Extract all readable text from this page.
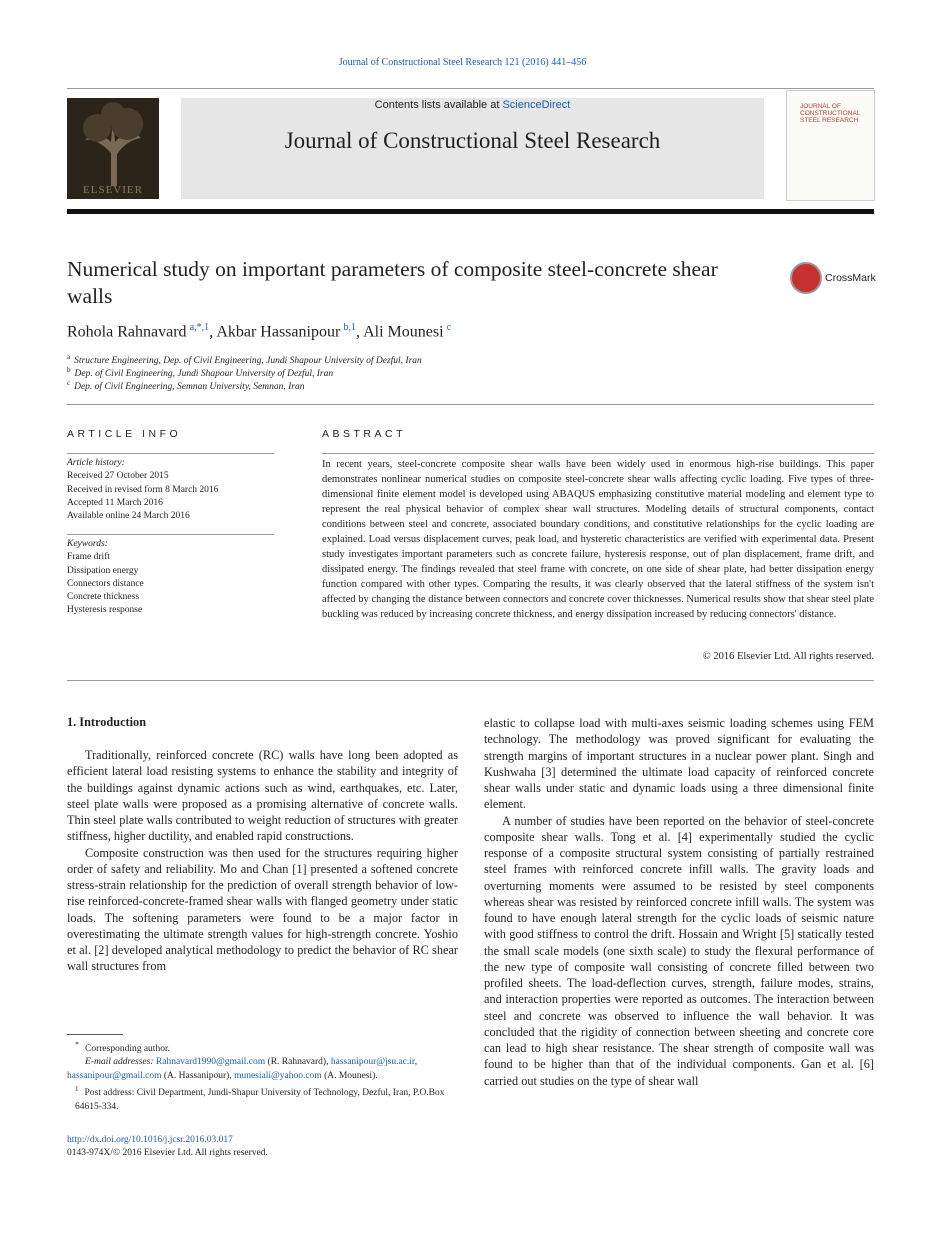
Journal of Constructional Steel Research 121 (2016) 441–456
ELSEVIER
Contents lists available at ScienceDirect
Journal of Constructional Steel Research
JOURNAL OF CONSTRUCTIONAL STEEL RESEARCH
Numerical study on important parameters of composite steel-concrete shear walls
CrossMark
Rohola Rahnavard  $^{a,*,1}$, Akbar Hassanipour  $^{b,1}$, Ali Mounesi  $^c$
$^a$ Structure Engineering, Dep. of Civil Engineering, Jundi Shapour University of Dezful, Iran
$^b$ Dep. of Civil Engineering, Jundi Shapour University of Dezful, Iran
$^c$ Dep. of Civil Engineering, Semnan University, Semnan, Iran
ARTICLE INFO
Article history:
Received 27 October 2015
Received in revised form 8 March 2016
Accepted 11 March 2016
Available online 24 March 2016
Keywords:
Frame drift
Dissipation energy
Connectors distance
Concrete thickness
Hysteresis response
ABSTRACT
In recent years, steel-concrete composite shear walls have been widely used in enormous high-rise buildings. This paper demonstrates nonlinear numerical studies on composite steel-concrete shear walls affecting cyclic loading. Five types of three-dimensional finite element model is developed using ABAQUS emphasizing constitutive material modeling and element type to represent the real physical behavior of complex shear wall structures. Modeling details of structural components, contact conditions between steel and concrete, associated boundary conditions, and constitutive relationships for the cyclic loading are explained. Load versus displacement curves, peak load, and hysteretic characteristics are verified with experimental data. Present study investigates important parameters such as concrete failure, hysteresis response, out of plan displacement, frame drift, and dissipated energy. The findings revealed that steel frame with concrete, on one side of shear plate, had better dissipation energy function compared with other types. Comparing the results, it was clearly observed that the lateral stiffness of the system isn't affected by changing the distance between connectors and concrete cover thicknesses. Numerical results show that shear steel plate buckling was reduced by increasing concrete thickness, and energy dissipation increased by reducing connectors' distance.
© 2016 Elsevier Ltd. All rights reserved.
1. Introduction

Traditionally, reinforced concrete (RC) walls have long been adopted as efficient lateral load resisting systems to enhance the stability and integrity of the buildings against dynamic actions such as wind, earthquakes, etc. Later, steel plate walls were proposed as a promising alternative of concrete walls. Thin steel plate walls contributed to weight reduction of structures with greater stiffness, higher ductility, and enabled rapid constructions.

Composite construction was then used for the structures requiring higher order of safety and reliability. Mo and Chan [1] presented a softened concrete stress-strain relationship for the prediction of overall strength behavior of low- rise reinforced-concrete-framed shear walls with flanged geometry under static loads. The softening parameters were found to be a major factor in overestimating the ultimate strength values for high-strength concrete. Yoshio et al. [2] developed analytical methodology to predict the behavior of RC shear wall structures from

elastic to collapse load with multi-axes seismic loading schemes using FEM technology. The methodology was proved significant for evaluating the strength margins of important structures in a nuclear power plant. Singh and Kushwaha [3] determined the ultimate load capacity of reinforced concrete shear walls under static and dynamic loads using a three dimensional finite element.

A number of studies have been reported on the behavior of steel-concrete composite shear walls. Tong et al. [4] experimentally studied the cyclic response of a composite structural system consisting of partially restrained steel frames with reinforced concrete infill walls. The gravity loads and overturning moments were assumed to be resisted by steel components whereas shear was resisted by reinforced concrete infill walls. The system was found to have enough lateral strength for the cyclic loads of seismic nature with good stiffness to control the drift. Hossain and Wright [5] statically tested the small scale models (one sixth scale) to study the flexural performance of the new type of composite wall consisting of concrete filled between two profiled sheets. The load-deflection curves, strength, failure modes, strains, and interaction properties were reported as outcomes. The interaction between steel and concrete was observed to influence the wall behavior. It was concluded that the rigidity of connection between sheeting and concrete core can lead to high shear resistance. The shear strength of composite wall was found to be higher than that of the individual components. Gan et al. [6] carried out studies on the type of shear wall

* Corresponding author.
E-mail addresses: Rahnavard1990@gmail.com (R. Rahnavard), hassanipour@jsu.ac.ir,
hassanipour@gmail.com (A. Hassanipour), munesiali@yahoo.com (A. Mounesi).
$^1$ Post address: Civil Department, Jundi-Shapur University of Technology, Dezful, Iran, P.O.Box 64615-334.
http://dx.doi.org/10.1016/j.jcsr.2016.03.017
0143-974X/© 2016 Elsevier Ltd. All rights reserved.
